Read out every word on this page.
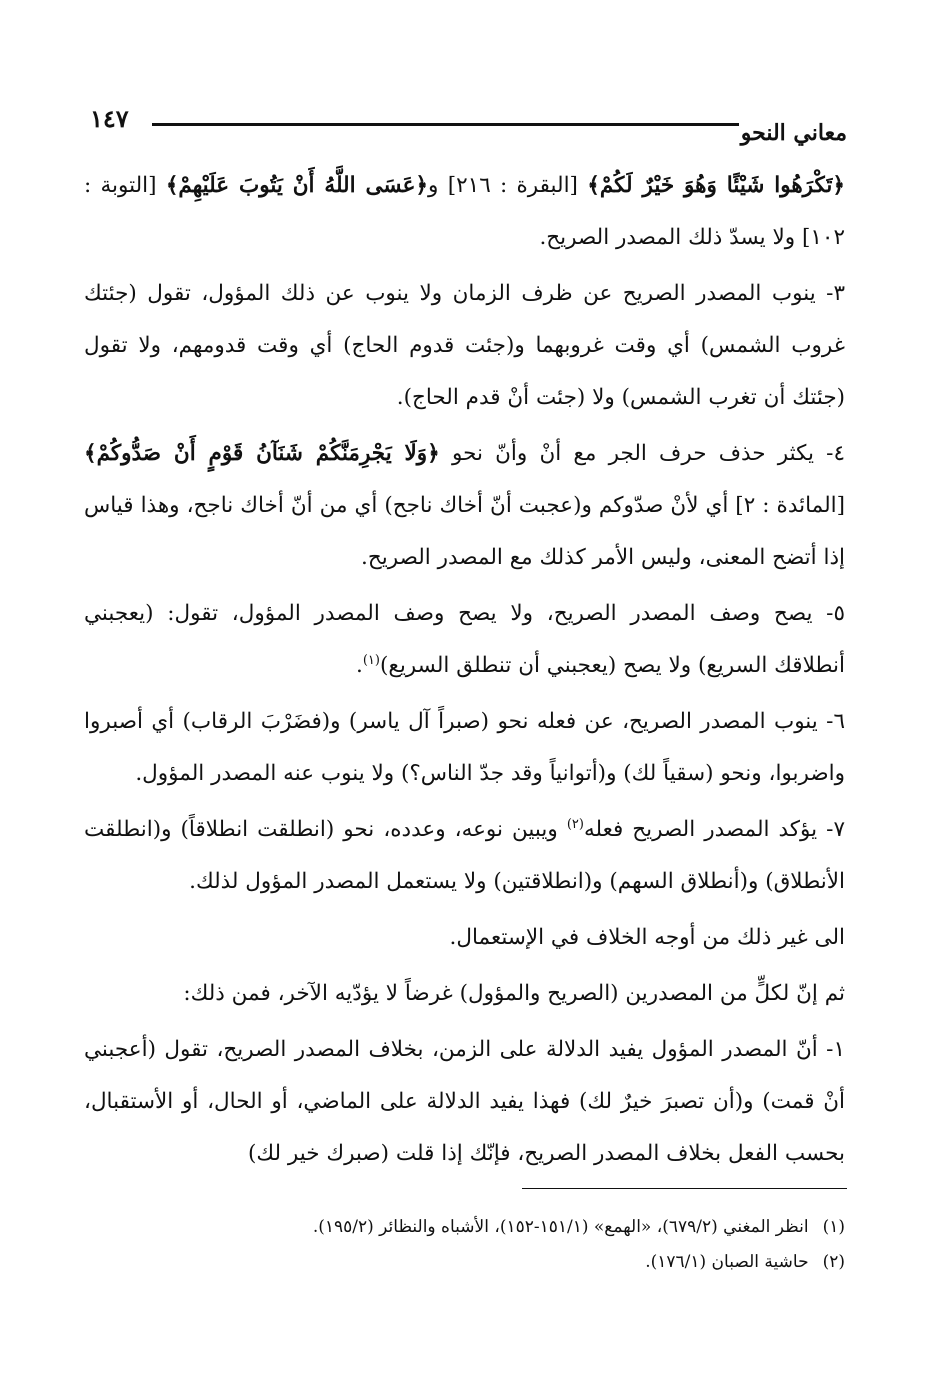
معاني النحو
١٤٧

﴿تَكْرَهُوا شَيْئًا وَهُوَ خَيْرٌ لَكُمْ﴾ [البقرة : ٢١٦] و﴿عَسَى اللَّهُ أَنْ يَتُوبَ عَلَيْهِمْ﴾ [التوبة : ١٠٢] ولا يسدّ ذلك المصدر الصريح.

٣- ينوب المصدر الصريح عن ظرف الزمان ولا ينوب عن ذلك المؤول، تقول (جئتك غروب الشمس) أي وقت غروبهما و(جئت قدوم الحاج) أي وقت قدومهم، ولا تقول (جئتك أن تغرب الشمس) ولا (جئت أنْ قدم الحاج).

٤- يكثر حذف حرف الجر مع أنْ وأنّ نحو ﴿وَلَا يَجْرِمَنَّكُمْ شَنَآنُ قَوْمٍ أَنْ صَدُّوكُمْ﴾ [المائدة : ٢] أي لأنْ صدّوكم و(عجبت أنّ أخاك ناجح) أي من أنّ أخاك ناجح، وهذا قياس إذا أتضح المعنى، وليس الأمر كذلك مع المصدر الصريح.

٥- يصح وصف المصدر الصريح، ولا يصح وصف المصدر المؤول، تقول: (يعجبني أنطلاقك السريع) ولا يصح (يعجبني أن تنطلق السريع)$^{(١)}$.

٦- ينوب المصدر الصريح، عن فعله نحو (صبراً آل ياسر) و(فضَرْبَ الرقاب) أي أصبروا واضربوا، ونحو (سقياً لك) و(أتوانياً وقد جدّ الناس؟) ولا ينوب عنه المصدر المؤول.

٧- يؤكد المصدر الصريح فعله$^{(٢)}$ ويبين نوعه، وعدده، نحو (انطلقت انطلاقاً) و(انطلقت الأنطلاق) و(أنطلاق السهم) و(انطلاقتين) ولا يستعمل المصدر المؤول لذلك.

الى غير ذلك من أوجه الخلاف في الإستعمال.

ثم إنّ لكلٍّ من المصدرين (الصريح والمؤول) غرضاً لا يؤدّيه الآخر، فمن ذلك:

١- أنّ المصدر المؤول يفيد الدلالة على الزمن، بخلاف المصدر الصريح، تقول (أعجبني أنْ قمت) و(أن تصبرَ خيرٌ لك) فهذا يفيد الدلالة على الماضي، أو الحال، أو الأستقبال، بحسب الفعل بخلاف المصدر الصريح، فإنّك إذا قلت (صبرك خير لك)

(١)انظر المغني (٦٧٩/٢)، «الهمع» (١٥١/١-١٥٢)، الأشباه والنظائر (١٩٥/٢).
(٢)حاشية الصبان (١٧٦/١).
